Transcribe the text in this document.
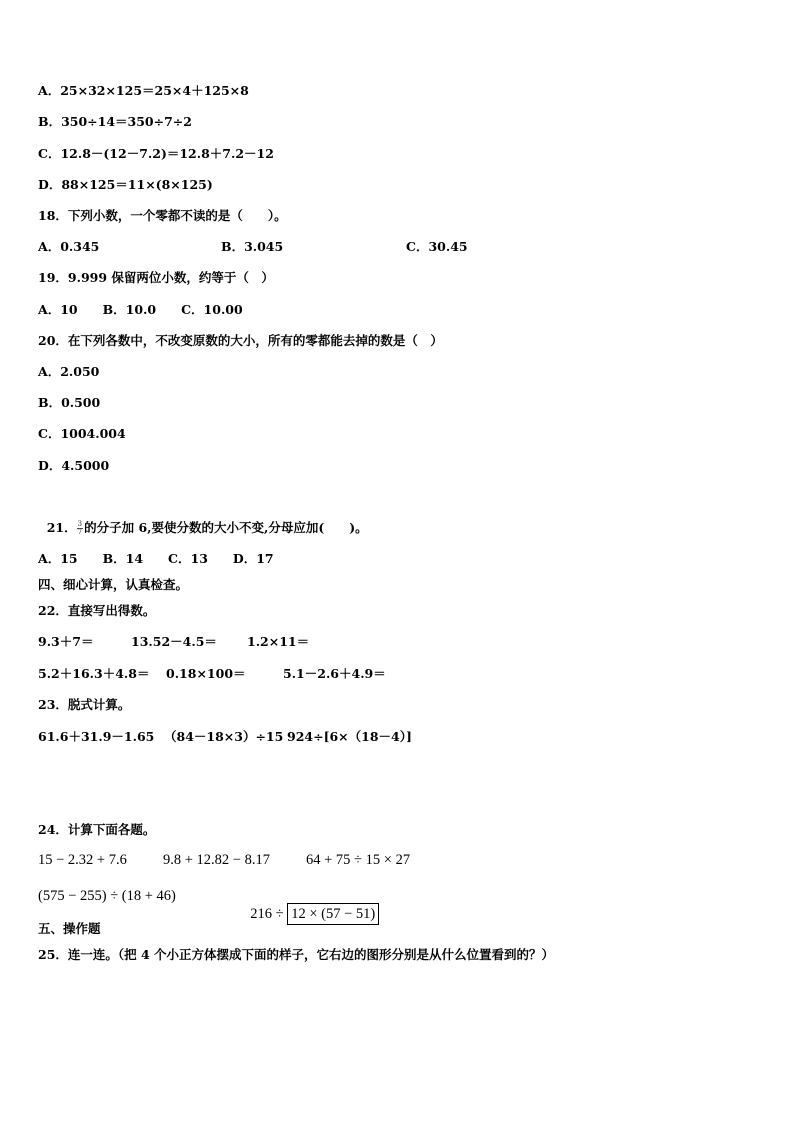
A．25×32×125＝25×4＋125×8
B．350÷14＝350÷7÷2
C．12.8－(12－7.2)＝12.8＋7.2－12
D．88×125＝11×(8×125)
18．下列小数，一个零都不读的是（　　）。
A．0.345	B．3.045	C．30.45
19．9.999 保留两位小数，约等于（　）
A．10　　B．10.0　　C．10.00
20．在下列各数中，不改变原数的大小，所有的零都能去掉的数是（　）
A．2.050
B．0.500
C．1004.004
D．4.5000

21． $\frac{3}{7}$ 的分子加 6,要使分数的大小不变,分母应加(　　)。

A．15　　B．14　　C．13　　D．17
四、细心计算，认真检查。
22．直接写出得数。
9.3＋7＝	13.52－4.5＝ 1.2×11＝
5.2＋16.3＋4.8＝ 0.18×100＝	5.1－2.6＋4.9＝
23．脱式计算。
61.6＋31.9－1.65 （84－18×3）÷15 924÷[6×（18－4）]
24．计算下面各题。
15 − 2.32 + 7.6 9.8 + 12.82 − 8.17 64 + 75 ÷ 15 × 27
(575 − 255) ÷ (18 + 46)

216 ÷ 12 × (57 − 51)

五、操作题
25．连一连。（把 4 个小正方体摆成下面的样子，它右边的图形分别是从什么位置看到的？）
